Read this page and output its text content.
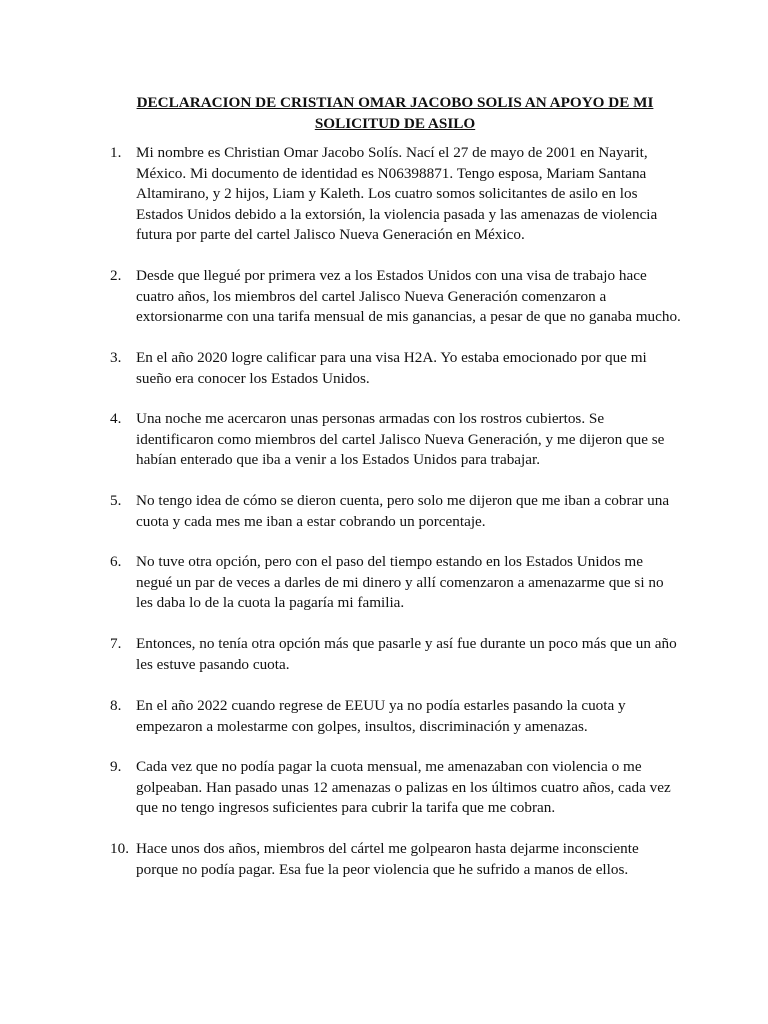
DECLARACION DE CRISTIAN OMAR JACOBO SOLIS AN APOYO DE MI
SOLICITUD DE ASILO
1. Mi nombre es Christian Omar Jacobo Solís. Nací el 27 de mayo de 2001 en Nayarit,
México. Mi documento de identidad es N06398871. Tengo esposa, Mariam Santana
Altamirano, y 2 hijos, Liam y Kaleth. Los cuatro somos solicitantes de asilo en los
Estados Unidos debido a la extorsión, la violencia pasada y las amenazas de violencia
futura por parte del cartel Jalisco Nueva Generación en México.
2. Desde que llegué por primera vez a los Estados Unidos con una visa de trabajo hace
cuatro años, los miembros del cartel Jalisco Nueva Generación comenzaron a
extorsionarme con una tarifa mensual de mis ganancias, a pesar de que no ganaba mucho.
3. En el año 2020 logre calificar para una visa H2A. Yo estaba emocionado por que mi
sueño era conocer los Estados Unidos.
4. Una noche me acercaron unas personas armadas con los rostros cubiertos. Se
identificaron como miembros del cartel Jalisco Nueva Generación, y me dijeron que se
habían enterado que iba a venir a los Estados Unidos para trabajar.
5. No tengo idea de cómo se dieron cuenta, pero solo me dijeron que me iban a cobrar una
cuota y cada mes me iban a estar cobrando un porcentaje.
6. No tuve otra opción, pero con el paso del tiempo estando en los Estados Unidos me
negué un par de veces a darles de mi dinero y allí comenzaron a amenazarme que si no
les daba lo de la cuota la pagaría mi familia.
7. Entonces, no tenía otra opción más que pasarle y así fue durante un poco más que un año
les estuve pasando cuota.
8. En el año 2022 cuando regrese de EEUU ya no podía estarles pasando la cuota y
empezaron a molestarme con golpes, insultos, discriminación y amenazas.
9. Cada vez que no podía pagar la cuota mensual, me amenazaban con violencia o me
golpeaban. Han pasado unas 12 amenazas o palizas en los últimos cuatro años, cada vez
que no tengo ingresos suficientes para cubrir la tarifa que me cobran.
10. Hace unos dos años, miembros del cártel me golpearon hasta dejarme inconsciente
porque no podía pagar. Esa fue la peor violencia que he sufrido a manos de ellos.
